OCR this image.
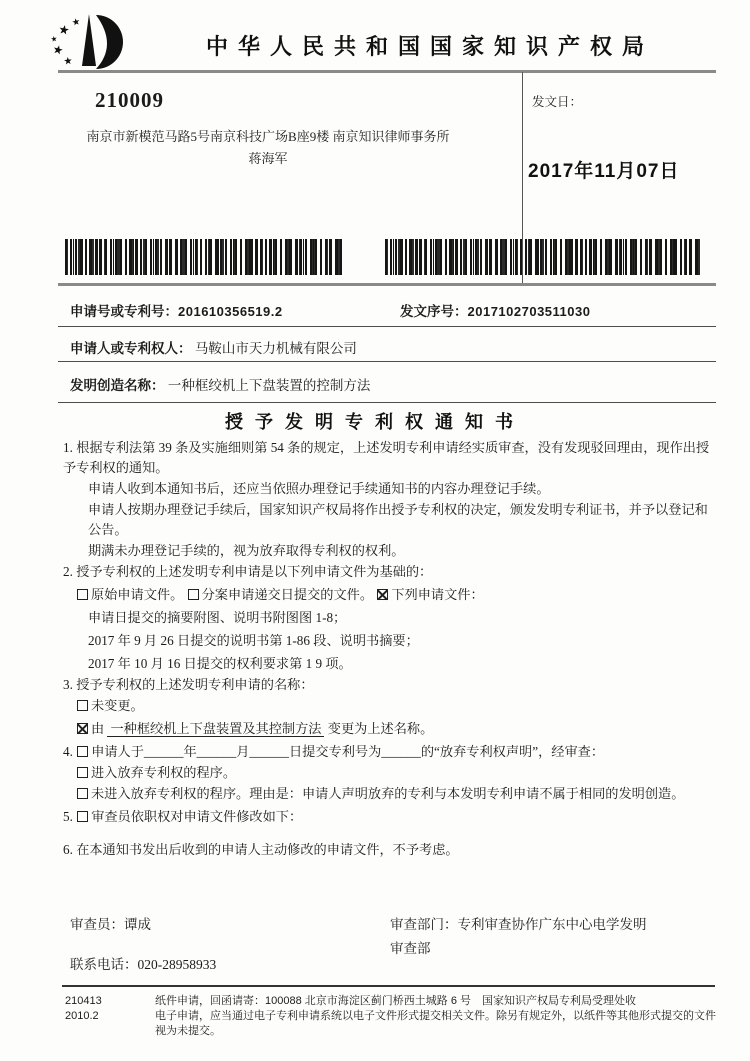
中华人民共和国国家知识产权局
210009
南京市新模范马路5号南京科技广场B座9楼 南京知识律师事务所
蒋海军
发文日：
2017年11月07日
申请号或专利号：201610356519.2	发文序号：2017102703511030
申请人或专利权人： 马鞍山市天力机械有限公司
发明创造名称： 一种框绞机上下盘装置的控制方法
授予发明专利权通知书

1. 根据专利法第 39 条及实施细则第 54 条的规定，上述发明专利申请经实质审查，没有发现驳回理由，现作出授予专利权的通知。

申请人收到本通知书后，还应当依照办理登记手续通知书的内容办理登记手续。

申请人按期办理登记手续后，国家知识产权局将作出授予专利权的决定，颁发发明专利证书，并予以登记和公告。

期满未办理登记手续的，视为放弃取得专利权的权利。

2. 授予专利权的上述发明专利申请是以下列申请文件为基础的：

原始申请文件。 分案申请递交日提交的文件。 下列申请文件：

申请日提交的摘要附图、说明书附图图 1-8；

2017 年 9 月 26 日提交的说明书第 1-86 段、说明书摘要；

2017 年 10 月 16 日提交的权利要求第 1 9 项。

3. 授予专利权的上述发明专利申请的名称：

未变更。

由 一种框绞机上下盘装置及其控制方法 变更为上述名称。

4. 申请人于______年______月______日提交专利号为______的“放弃专利权声明”，经审查：

进入放弃专利权的程序。

未进入放弃专利权的程序。理由是：申请人声明放弃的专利与本发明专利申请不属于相同的发明创造。

5. 审查员依职权对申请文件修改如下：

6. 在本通知书发出后收到的申请人主动修改的申请文件，不予考虑。

审查员：谭成	审查部门：专利审查协作广东中心电学发明审查部
联系电话：020-28958933
210413
2010.2
纸件申请，回函请寄：100088 北京市海淀区蓟门桥西土城路 6 号　国家知识产权局专利局受理处收
电子申请，应当通过电子专利申请系统以电子文件形式提交相关文件。除另有规定外，以纸件等其他形式提交的文件视为未提交。
